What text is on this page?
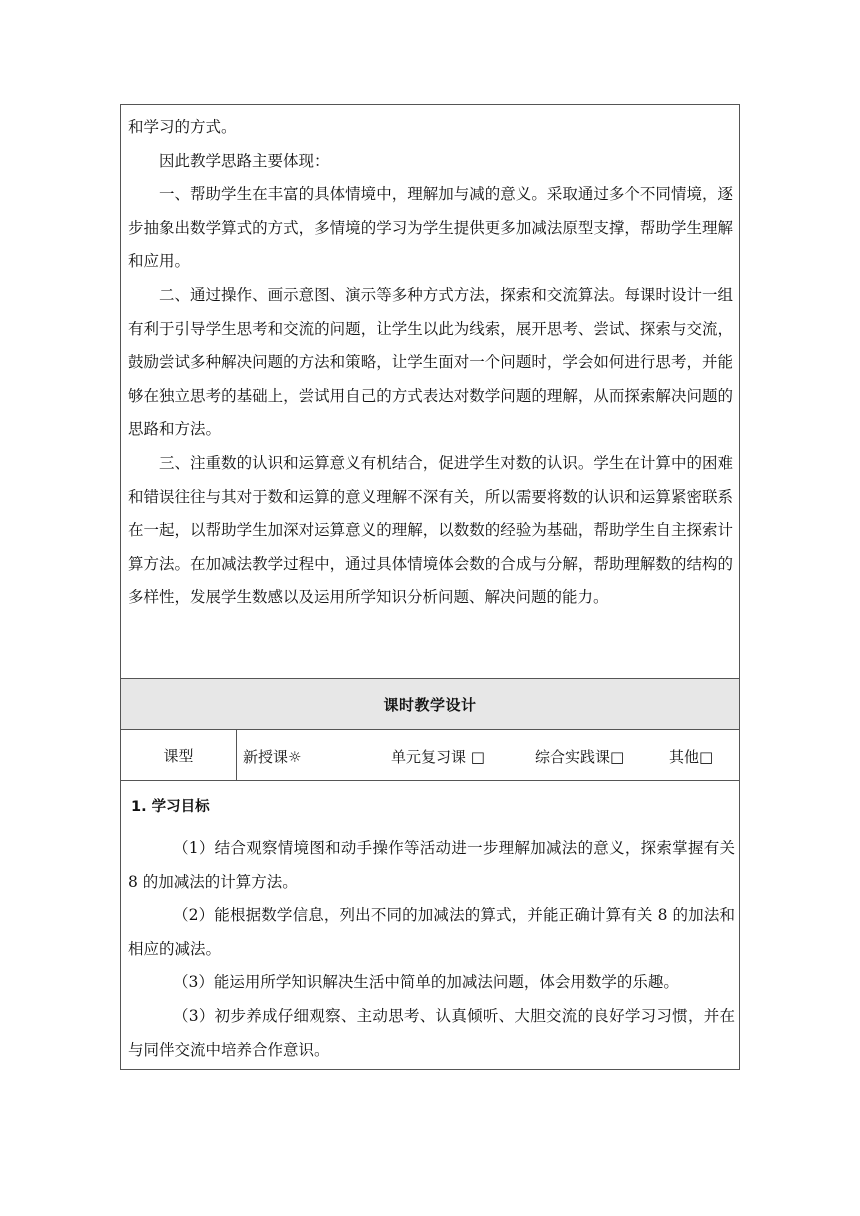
和学习的方式。

因此教学思路主要体现：

一、帮助学生在丰富的具体情境中，理解加与减的意义。采取通过多个不同情境，逐步抽象出数学算式的方式，多情境的学习为学生提供更多加减法原型支撑，帮助学生理解和应用。

二、通过操作、画示意图、演示等多种方式方法，探索和交流算法。每课时设计一组有利于引导学生思考和交流的问题，让学生以此为线索，展开思考、尝试、探索与交流，鼓励尝试多种解决问题的方法和策略，让学生面对一个问题时，学会如何进行思考，并能够在独立思考的基础上，尝试用自己的方式表达对数学问题的理解，从而探索解决问题的思路和方法。

三、注重数的认识和运算意义有机结合，促进学生对数的认识。学生在计算中的困难和错误往往与其对于数和运算的意义理解不深有关，所以需要将数的认识和运算紧密联系在一起，以帮助学生加深对运算意义的理解，以数数的经验为基础，帮助学生自主探索计算方法。在加减法教学过程中，通过具体情境体会数的合成与分解，帮助理解数的结构的多样性，发展学生数感以及运用所学知识分析问题、解决问题的能力。

课时教学设计
课型	新授课☼	单元复习课 □	综合实践课□	其他□
1. 学习目标

（1）结合观察情境图和动手操作等活动进一步理解加减法的意义，探索掌握有关 8 的加减法的计算方法。

（2）能根据数学信息，列出不同的加减法的算式，并能正确计算有关 8 的加法和相应的减法。

（3）能运用所学知识解决生活中简单的加减法问题，体会用数学的乐趣。

（3）初步养成仔细观察、主动思考、认真倾听、大胆交流的良好学习习惯，并在与同伴交流中培养合作意识。
